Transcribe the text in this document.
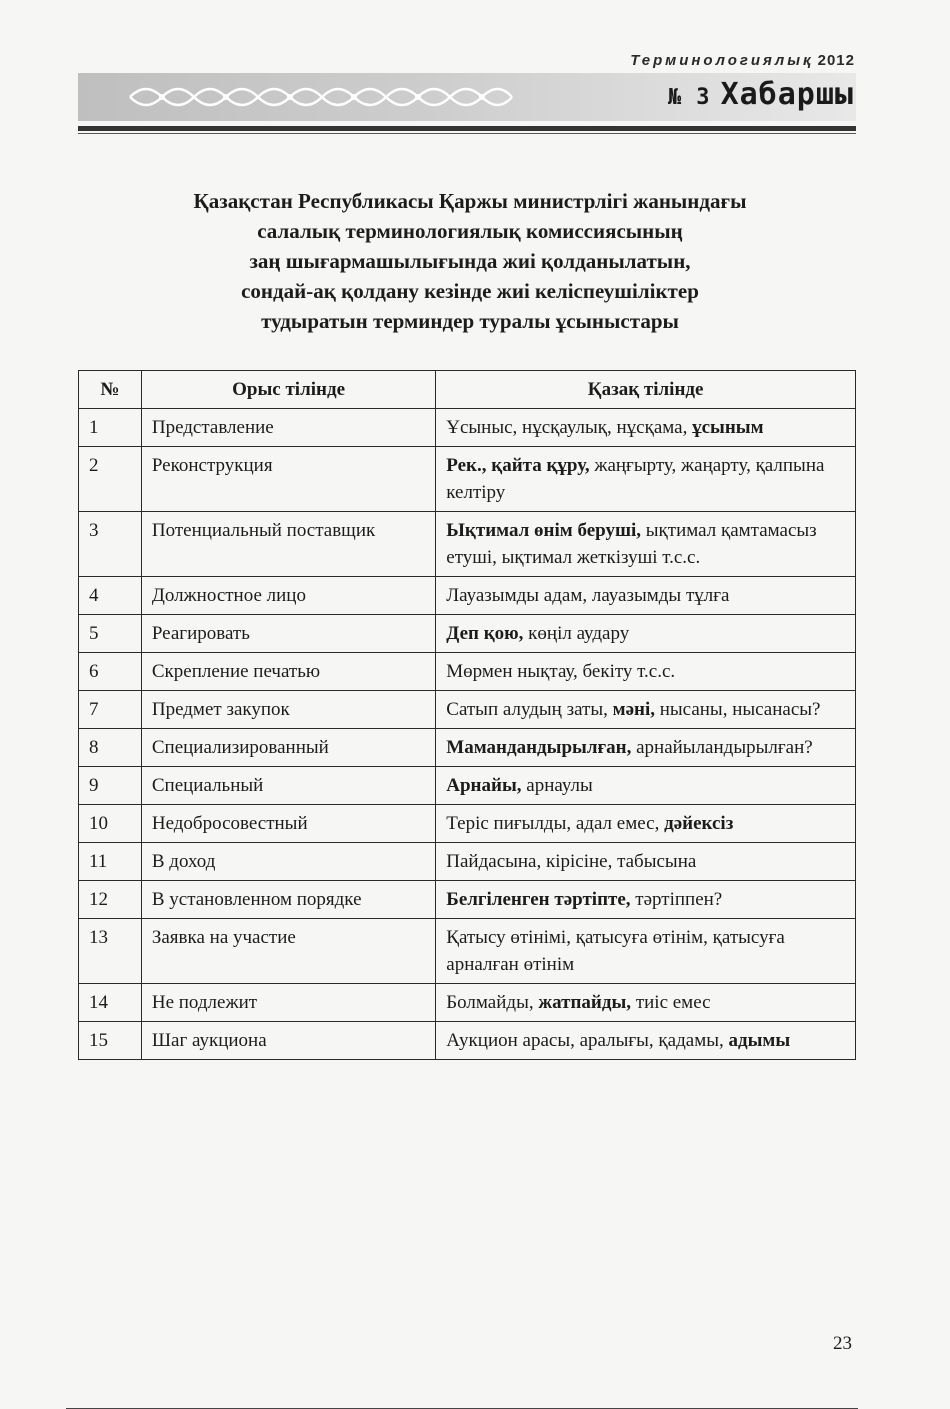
Терминологиялық 2012
№ 3 Хабаршы
Қазақстан Республикасы Қаржы министрлігі жанындағы
салалық терминологиялық комиссиясының
заң шығармашылығында жиі қолданылатын,
сондай-ақ қолдану кезінде жиі келіспеушіліктер
тудыратын терминдер туралы ұсыныстары
№	Орыс тілінде	Қазақ тілінде
1	Представление	Ұсыныс, нұсқаулық, нұсқама, ұсыным
2	Реконструкция	Рек., қайта құру, жаңғырту, жаңарту, қалпына келтіру
3	Потенциальный поставщик	Ықтимал өнім беруші, ықтимал қамтамасыз етуші, ықтимал жеткізуші т.с.с.
4	Должностное лицо	Лауазымды адам, лауазымды тұлға
5	Реагировать	Деп қою, көңіл аудару
6	Скрепление печатью	Мөрмен нықтау, бекіту т.с.с.
7	Предмет закупок	Сатып алудың заты, мәні, нысаны, нысанасы?
8	Специализированный	Мамандандырылған, арнайыландырылған?
9	Специальный	Арнайы, арнаулы
10	Недобросовестный	Теріс пиғылды, адал емес, дәйексіз
11	В доход	Пайдасына, кірісіне, табысына
12	В установленном порядке	Белгіленген тәртіпте, тәртіппен?
13	Заявка на участие	Қатысу өтінімі, қатысуға өтінім, қатысуға арналған өтінім
14	Не подлежит	Болмайды, жатпайды, тиіс емес
15	Шаг аукциона	Аукцион арасы, аралығы, қадамы, адымы
23
